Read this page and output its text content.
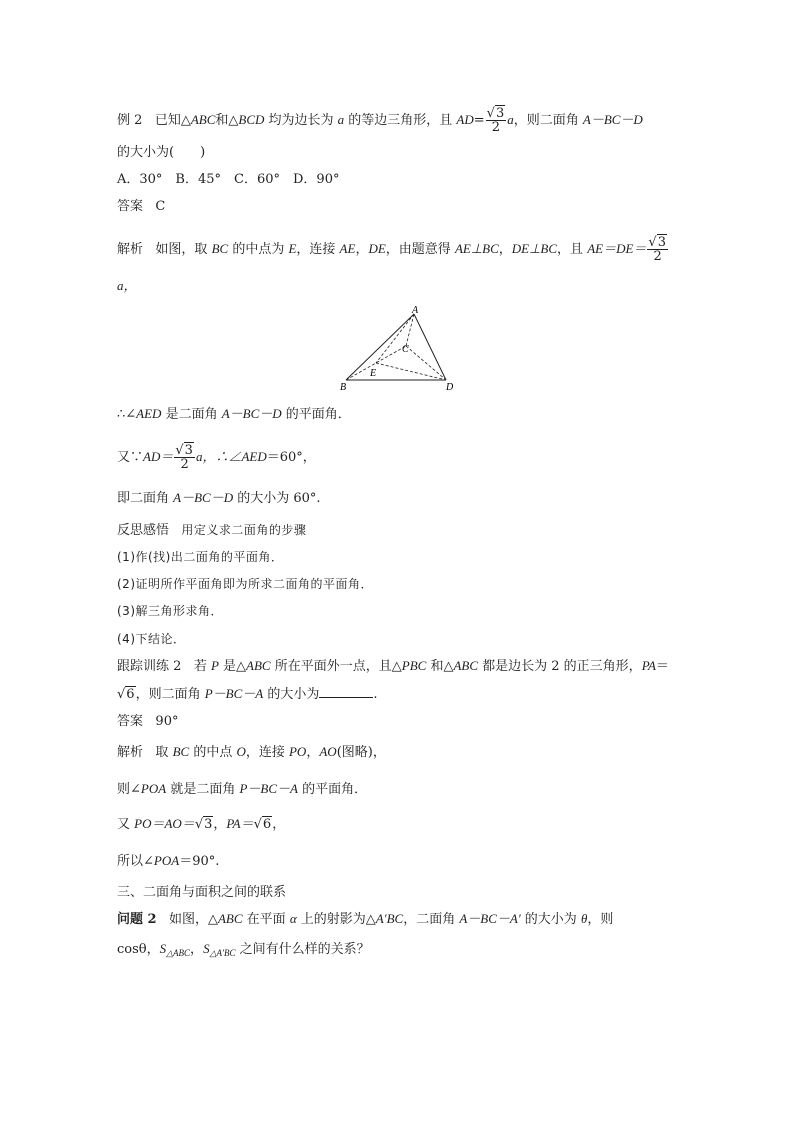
例 2 已知△ABC和△BCD 均为边长为 a 的等边三角形，且 $AD= \frac{√3}{2}$ a，则二面角 A－BC－D
的大小为(　　)
A．30°　B．45°　C．60°　D．90°
答案 C
解析 如图，取 BC 的中点为 E，连接 AE，DE，由题意得 AE⊥BC，DE⊥BC，且 $AE=DE= \frac{√3}{2}$
a，
A
B
C
D
E
∴∠AED 是二面角 A－BC－D 的平面角．
又∵AD＝ $\frac{√3}{2}$ a，∴∠AED＝60°，
即二面角 A－BC－D 的大小为 60°.
反思感悟 用定义求二面角的步骤
(1)作(找)出二面角的平面角．
(2)证明所作平面角即为所求二面角的平面角．
(3)解三角形求角．
(4)下结论．
跟踪训练 2 若 P 是△ABC 所在平面外一点，且△PBC 和△ABC 都是边长为 2 的正三角形，PA＝
√6，则二面角 P－BC－A 的大小为	.
答案 90°
解析 取 BC 的中点 O，连接 PO，AO(图略)，
则∠POA 就是二面角 P－BC－A 的平面角．
又 PO＝AO＝√3，PA＝√6，
所以∠POA＝90°.
三、二面角与面积之间的联系
问题 2 如图，△ABC 在平面 α 上的射影为△A′BC，二面角 A－BC－A′ 的大小为 θ，则
cosθ，$S_{\triangle ABC}$，$S_{\triangle A'BC}$ 之间有什么样的关系？
